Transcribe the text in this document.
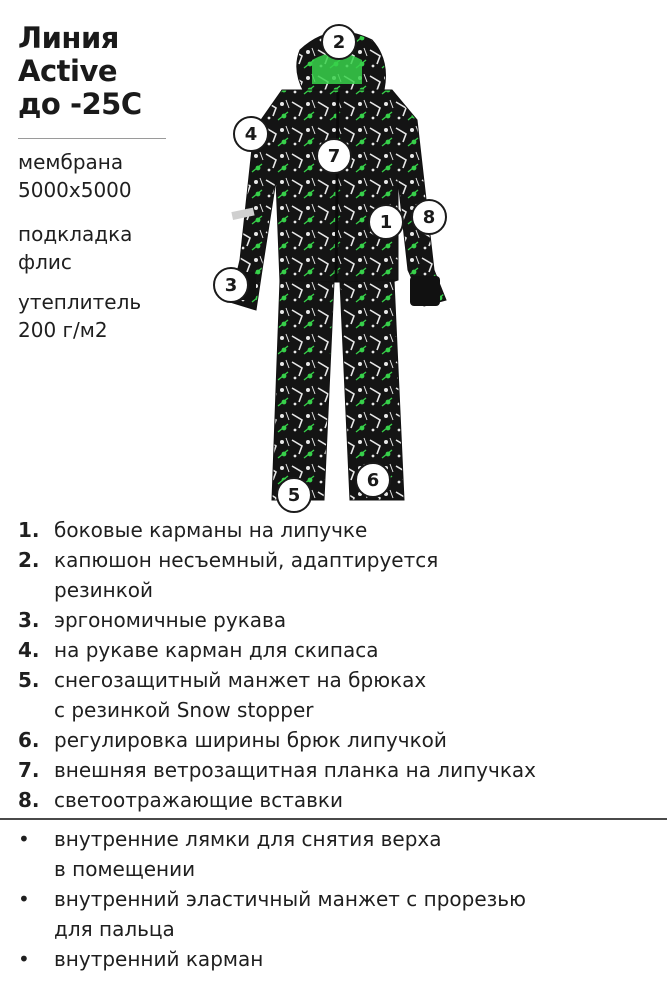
Линия
Active
до -25С
мембрана
5000х5000
подкладка
флис
утеплитель
200 г/м2
2
4
7
1	8
3
6
5
1. боковые карманы на липучке
2. капюшон несъемный, адаптируется
резинкой
3. эргономичные рукава
4. на рукаве карман для скипаса
5. снегозащитный манжет на брюках
с резинкой Snow stopper
6. регулировка ширины брюк липучкой
7. внешняя ветрозащитная планка на липучках
8. светоотражающие вставки
•	внутренние лямки для снятия верха
в помещении
•	внутренний эластичный манжет с прорезью
для пальца
•	внутренний карман
